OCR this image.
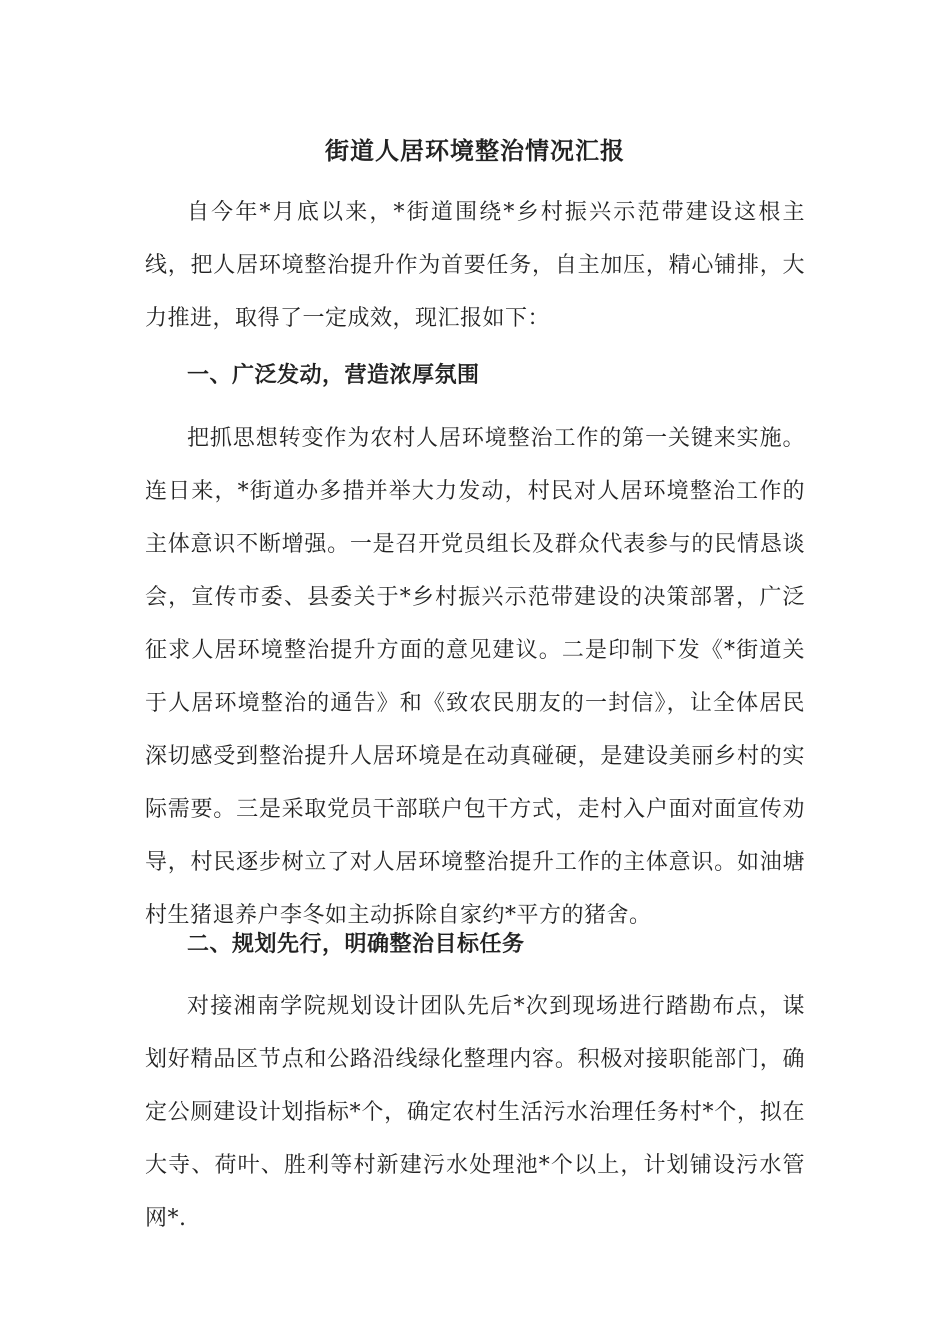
街道人居环境整治情况汇报

自今年*月底以来，*街道围绕*乡村振兴示范带建设这根主线，把人居环境整治提升作为首要任务，自主加压，精心铺排，大力推进，取得了一定成效，现汇报如下：

一、广泛发动，营造浓厚氛围

把抓思想转变作为农村人居环境整治工作的第一关键来实施。连日来，*街道办多措并举大力发动，村民对人居环境整治工作的主体意识不断增强。一是召开党员组长及群众代表参与的民情恳谈会，宣传市委、县委关于*乡村振兴示范带建设的决策部署，广泛征求人居环境整治提升方面的意见建议。二是印制下发《*街道关于人居环境整治的通告》和《致农民朋友的一封信》，让全体居民深切感受到整治提升人居环境是在动真碰硬，是建设美丽乡村的实际需要。三是采取党员干部联户包干方式，走村入户面对面宣传劝导，村民逐步树立了对人居环境整治提升工作的主体意识。如油塘村生猪退养户李冬如主动拆除自家约*平方的猪舍。

二、规划先行，明确整治目标任务

对接湘南学院规划设计团队先后*次到现场进行踏勘布点，谋划好精品区节点和公路沿线绿化整理内容。积极对接职能部门，确定公厕建设计划指标*个，确定农村生活污水治理任务村*个，拟在大寺、荷叶、胜利等村新建污水处理池*个以上，计划铺设污水管网*.
